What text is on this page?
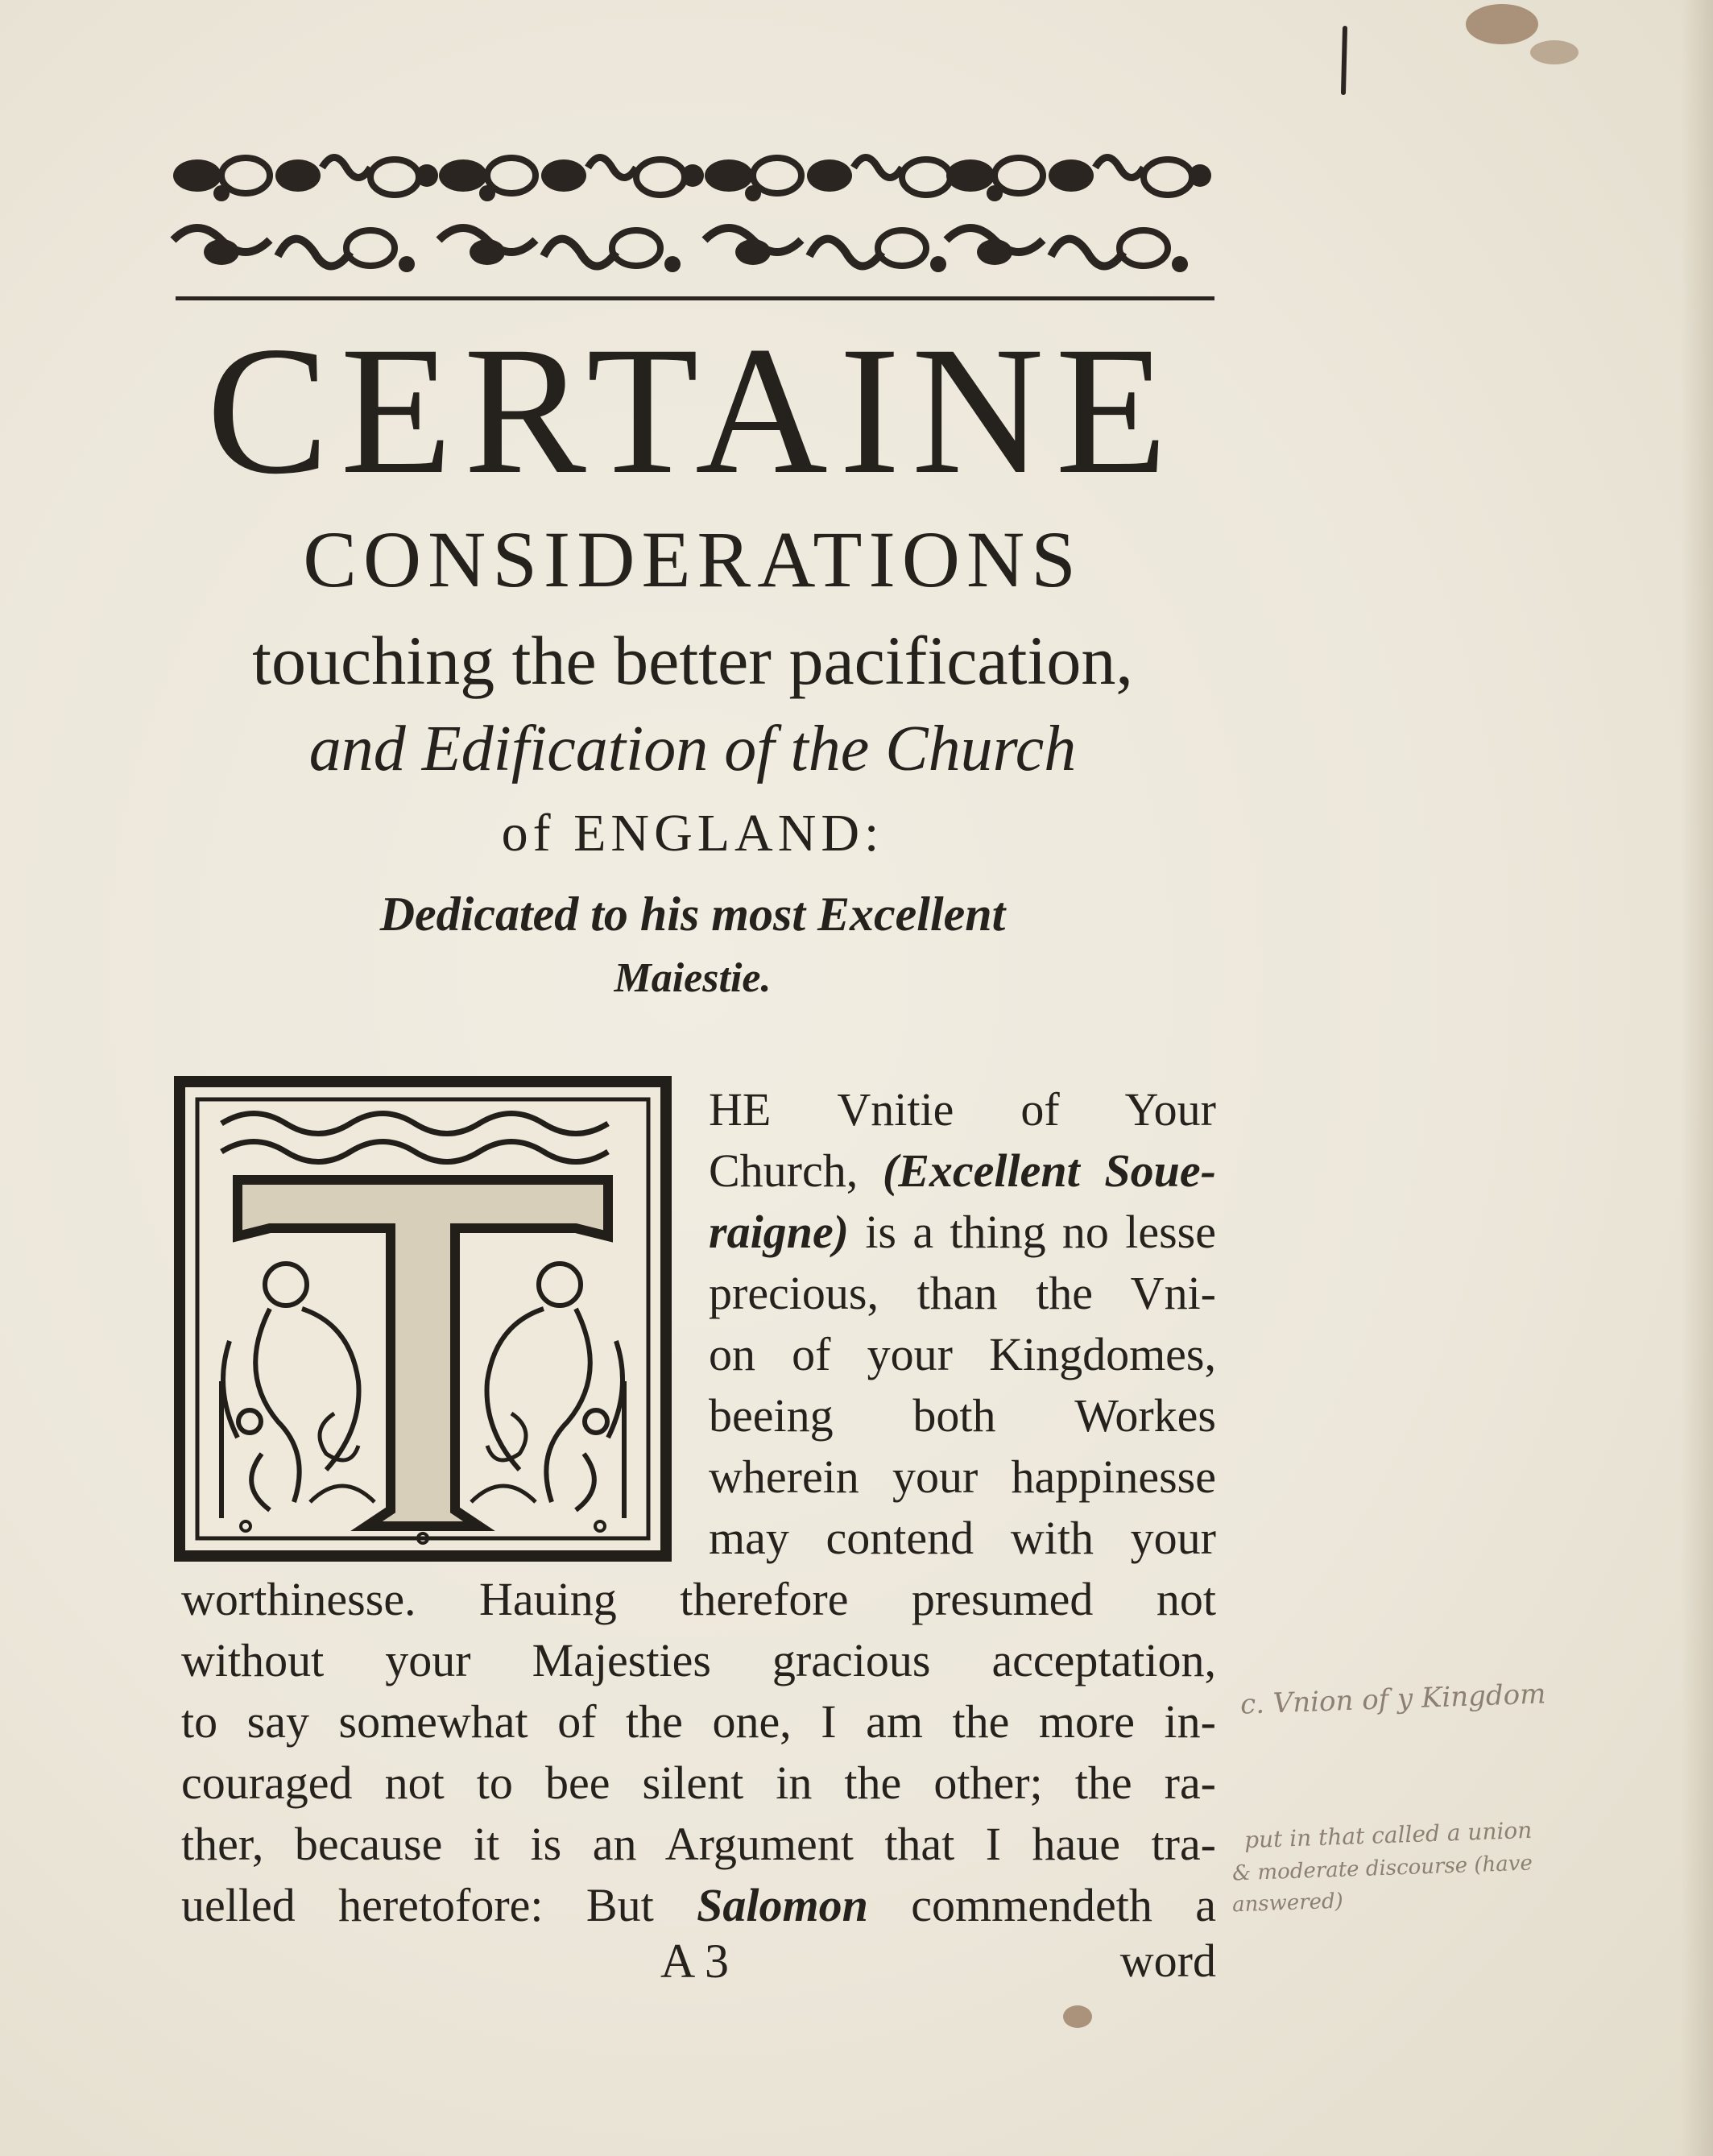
CERTAINE
CONSIDERATIONS
touching the better pacification,
and Edification of the Church
of ENGLAND:
Dedicated to his most Excellent
Maiestie.
HE Vnitie of Your
Church, (Excellent Soue-
raigne) is a thing no lesse
precious, than the Vni-
on of your Kingdomes,
beeing both Workes
wherein your happinesse
may contend with your
worthinesse. Hauing therefore presumed not
without your Majesties gracious acceptation,
to say somewhat of the one, I am the more in-
couraged not to bee silent in the other; the ra-
ther, because it is an Argument that I haue tra-
uelled heretofore: But Salomon commendeth a
A 3	word
c. Vnion of y Kingdom
put in that called a union
& moderate discourse (have
answered)
